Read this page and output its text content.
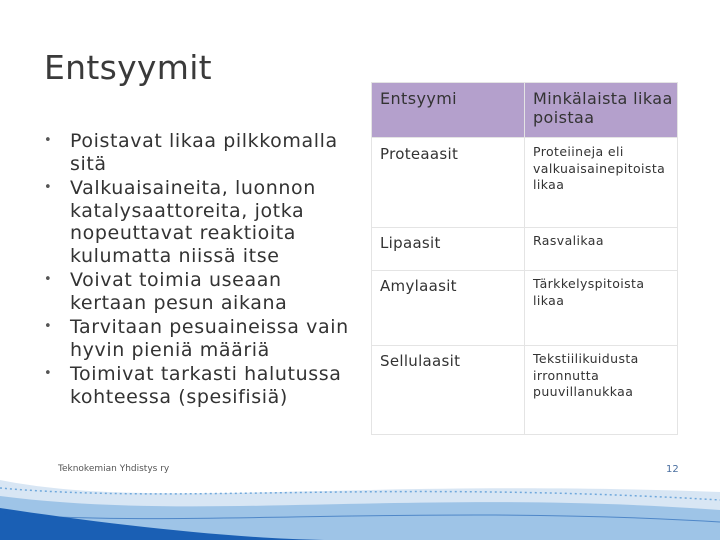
Entsyymit
• Poistavat likaa pilkkomalla sitä
• Valkuaisaineita, luonnon katalysaattoreita, jotka nopeuttavat reaktioita kulumatta niissä itse
• Voivat toimia useaan kertaan pesun aikana
• Tarvitaan pesuaineissa vain hyvin pieniä määriä
• Toimivat tarkasti halutussa kohteessa (spesifisiä)
Entsyymi	Minkälaista likaa poistaa
Proteaasit	Proteiineja eli valkuaisainepitoista likaa
Lipaasit	Rasvalikaa
Amylaasit	Tärkkelyspitoista likaa
Sellulaasit	Tekstiilikuidusta irronnutta puuvillanukkaa
Teknokemian Yhdistys ry	12
